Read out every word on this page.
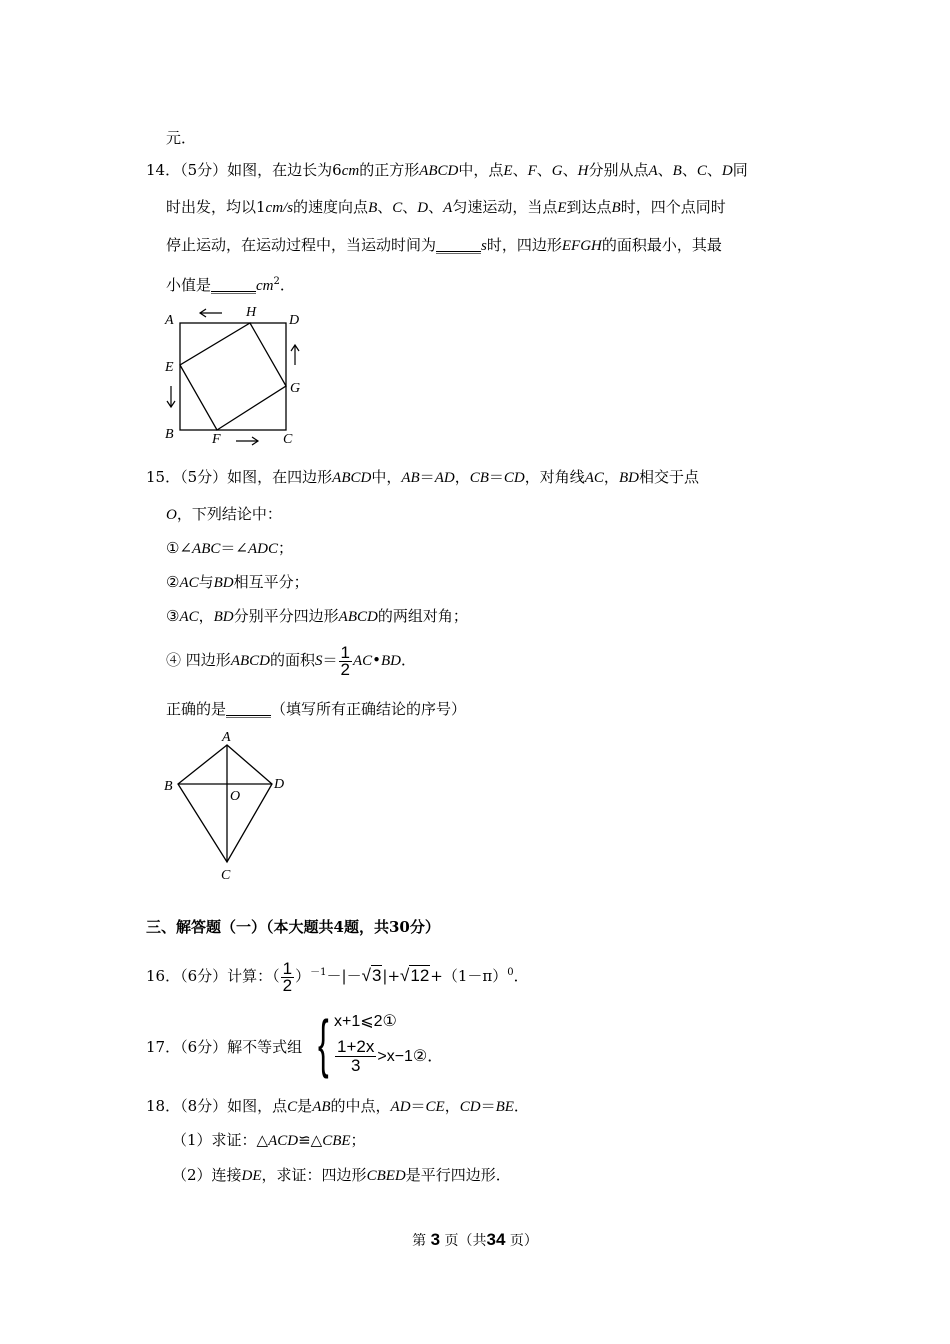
元．
14．（5分）如图，在边长为6cm的正方形ABCD中，点E、F、G、H分别从点A、B、C、D同
时出发，均以1cm/s的速度向点B、C、D、A匀速运动，当点E到达点B时，四个点同时
停止运动，在运动过程中，当运动时间为______s时，四边形EFGH的面积最小，其最
小值是$\_\_\_\_\_\_cm^2$．
A
H
D
E
G
B	F	C
15．（5分）如图，在四边形ABCD中，AB＝AD，CB＝CD，对角线AC，BD相交于点
O，下列结论中：
①∠ABC＝∠ADC；
②AC与BD相互平分；
③AC，BD分别平分四边形ABCD的两组对角；
④ 四边形ABCD的面积$S= \frac{1}{2}$ AC•BD．
正确的是______（填写所有正确结论的序号）
A
B
O
D
C
三、解答题（一）（本大题共4题，共30分）
16．（6分）计算：（ $\frac{1}{2} )^{-1}-|-√3|+√12+(1-\pi)^0$．
17．（6分）解不等式组 { x+1⩽2①
$\frac{1+2x}{3}$ >x−1②．
18．（8分）如图，点C是AB的中点，AD＝CE，CD＝BE．
（1）求证：△ACD≌△CBE；
（2）连接DE，求证：四边形CBED是平行四边形．
第 3 页（共34 页）
